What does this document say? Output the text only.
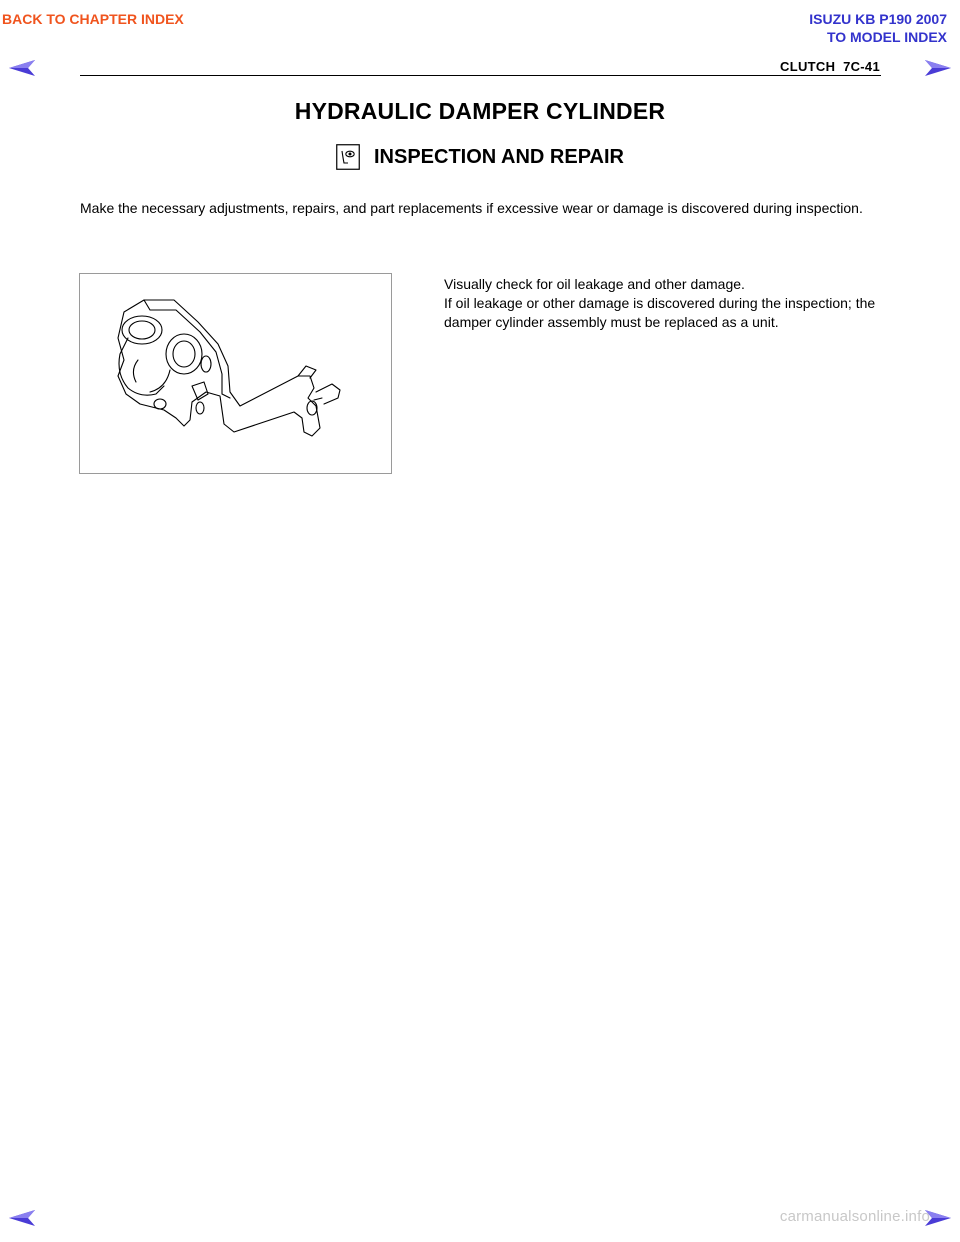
BACK TO CHAPTER INDEX	ISUZU KB P190 2007
TO MODEL INDEX
CLUTCH  7C-41
HYDRAULIC DAMPER CYLINDER
INSPECTION AND REPAIR
Make the necessary adjustments, repairs, and part replacements if excessive wear or damage is discovered during inspection.

Visually check for oil leakage and other damage.

If oil leakage or other damage is discovered during the inspection; the damper cylinder assembly must be replaced as a unit.

carmanualsonline.info
